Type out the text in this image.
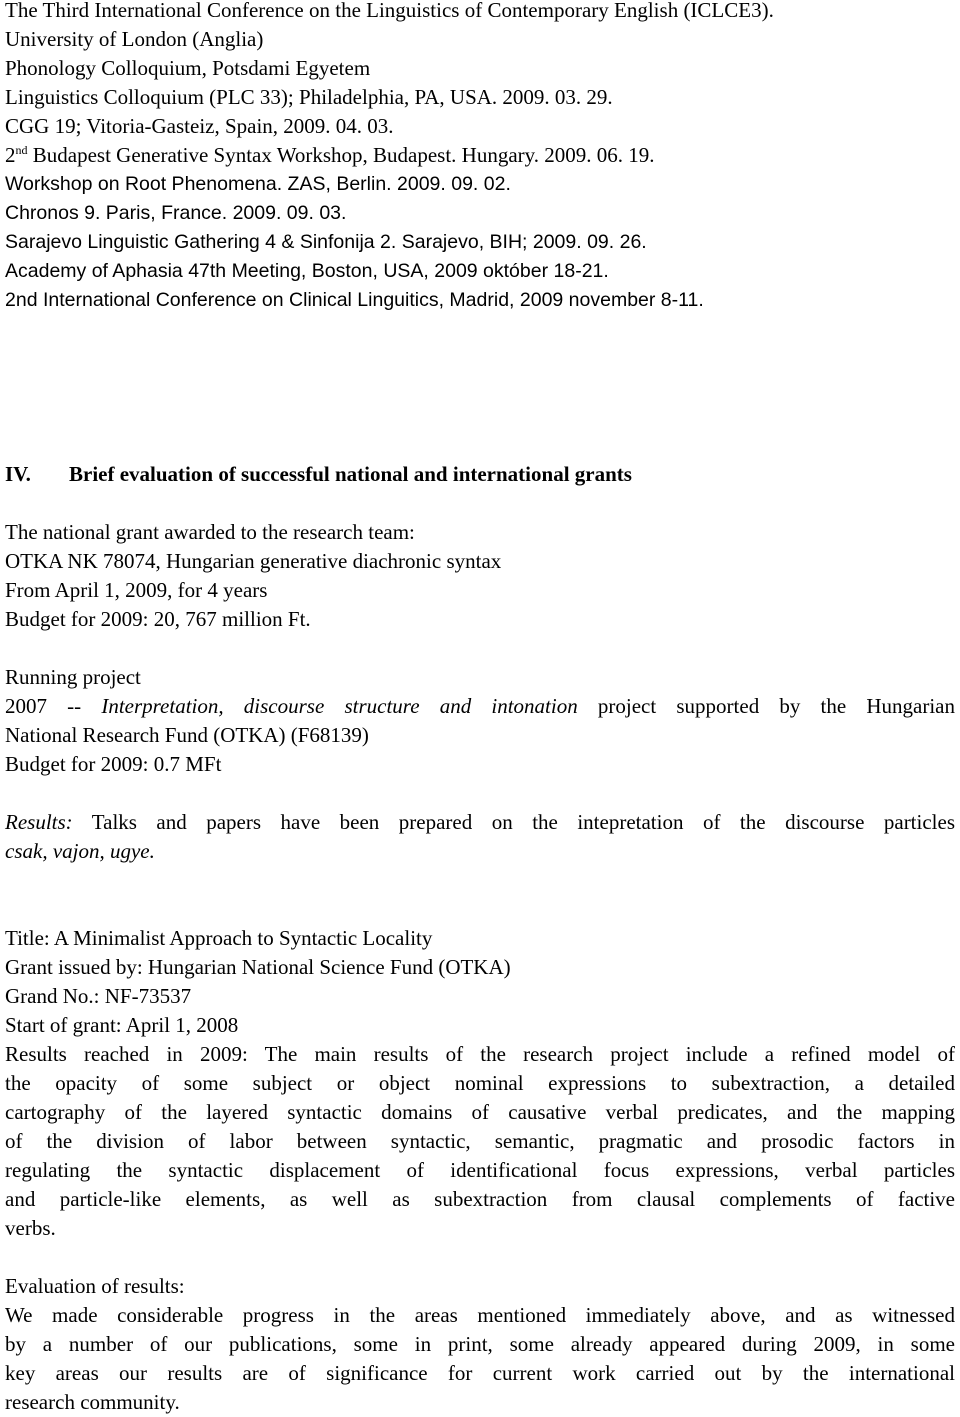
The Third International Conference on the Linguistics of Contemporary English (ICLCE3).
University of London (Anglia)
Phonology Colloquium, Potsdami Egyetem
Linguistics Colloquium (PLC 33); Philadelphia, PA, USA. 2009. 03. 29.
CGG 19; Vitoria-Gasteiz, Spain, 2009. 04. 03.
2nd Budapest Generative Syntax Workshop, Budapest. Hungary. 2009. 06. 19.
Workshop on Root Phenomena. ZAS, Berlin. 2009. 09. 02.
Chronos 9. Paris, France. 2009. 09. 03.
Sarajevo Linguistic Gathering 4 & Sinfonija 2. Sarajevo, BIH; 2009. 09. 26.
Academy of Aphasia 47th Meeting, Boston, USA, 2009 október 18-21.
2nd International Conference on Clinical Linguitics, Madrid, 2009 november 8-11.
IV. Brief evaluation of successful national and international grants
The national grant awarded to the research team:
OTKA NK 78074, Hungarian generative diachronic syntax
From April 1, 2009, for 4 years
Budget for 2009: 20, 767 million Ft.
Running project
2007 -- Interpretation, discourse structure and intonation project supported by the Hungarian
National Research Fund (OTKA) (F68139)
Budget for 2009: 0.7 MFt
Results: Talks and papers have been prepared on the intepretation of the discourse particles
csak, vajon, ugye.
Title: A Minimalist Approach to Syntactic Locality
Grant issued by: Hungarian National Science Fund (OTKA)
Grand No.: NF-73537
Start of grant: April 1, 2008
Results reached in 2009: The main results of the research project include a refined model of
the opacity of some subject or object nominal expressions to subextraction, a detailed
cartography of the layered syntactic domains of causative verbal predicates, and the mapping
of the division of labor between syntactic, semantic, pragmatic and prosodic factors in
regulating the syntactic displacement of identificational focus expressions, verbal particles
and particle-like elements, as well as subextraction from clausal complements of factive
verbs.
Evaluation of results:
We made considerable progress in the areas mentioned immediately above, and as witnessed
by a number of our publications, some in print, some already appeared during 2009, in some
key areas our results are of significance for current work carried out by the international
research community.
